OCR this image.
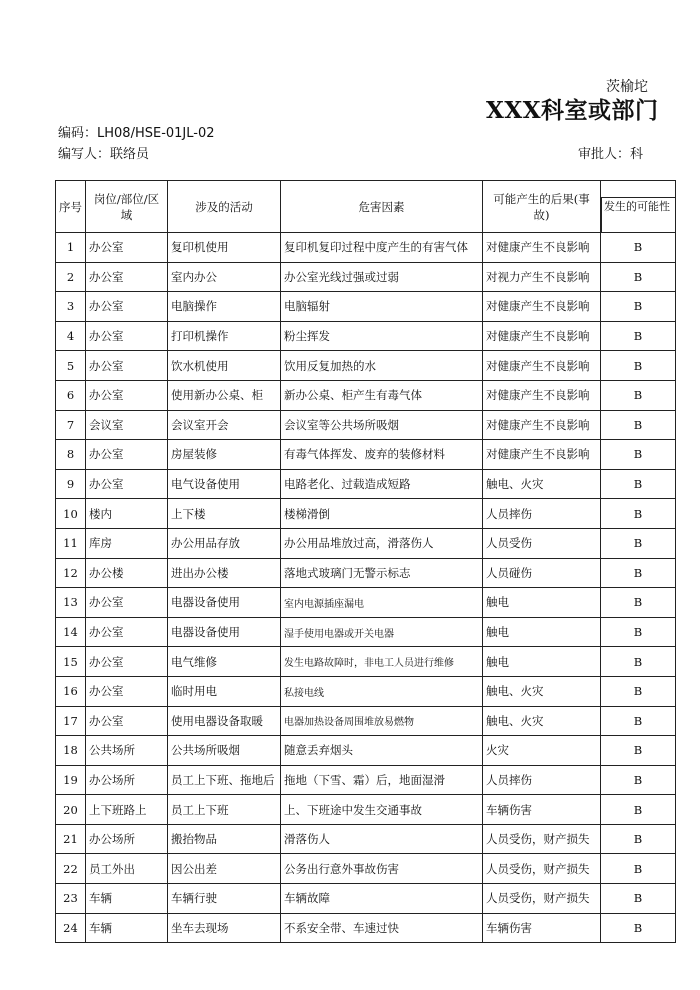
茨榆坨
XXX科室或部门
编码：LH08/HSE-01JL-02
编写人：联络员	审批人：科
序号	岗位/部位/区域	涉及的活动	危害因素	可能产生的后果(事故)	发生的可能性

1	办公室	复印机使用	复印机复印过程中度产生的有害气体	对健康产生不良影响	B
2	办公室	室内办公	办公室光线过强或过弱	对视力产生不良影响	B
3	办公室	电脑操作	电脑辐射	对健康产生不良影响	B
4	办公室	打印机操作	粉尘挥发	对健康产生不良影响	B
5	办公室	饮水机使用	饮用反复加热的水	对健康产生不良影响	B
6	办公室	使用新办公桌、柜	新办公桌、柜产生有毒气体	对健康产生不良影响	B
7	会议室	会议室开会	会议室等公共场所吸烟	对健康产生不良影响	B
8	办公室	房屋装修	有毒气体挥发、废弃的装修材料	对健康产生不良影响	B
9	办公室	电气设备使用	电路老化、过载造成短路	触电、火灾	B
10	楼内	上下楼	楼梯滑倒	人员摔伤	B
11	库房	办公用品存放	办公用品堆放过高，滑落伤人	人员受伤	B
12	办公楼	进出办公楼	落地式玻璃门无警示标志	人员碰伤	B
13	办公室	电器设备使用	室内电源插座漏电	触电	B
14	办公室	电器设备使用	湿手使用电器或开关电器	触电	B
15	办公室	电气维修	发生电路故障时，非电工人员进行维修	触电	B
16	办公室	临时用电	私接电线	触电、火灾	B
17	办公室	使用电器设备取暖	电器加热设备周围堆放易燃物	触电、火灾	B
18	公共场所	公共场所吸烟	随意丢弃烟头	火灾	B
19	办公场所	员工上下班、拖地后	拖地（下雪、霜）后，地面湿滑	人员摔伤	B
20	上下班路上	员工上下班	上、下班途中发生交通事故	车辆伤害	B
21	办公场所	搬抬物品	滑落伤人	人员受伤，财产损失	B
22	员工外出	因公出差	公务出行意外事故伤害	人员受伤，财产损失	B
23	车辆	车辆行驶	车辆故障	人员受伤，财产损失	B
24	车辆	坐车去现场	不系安全带、车速过快	车辆伤害	B
